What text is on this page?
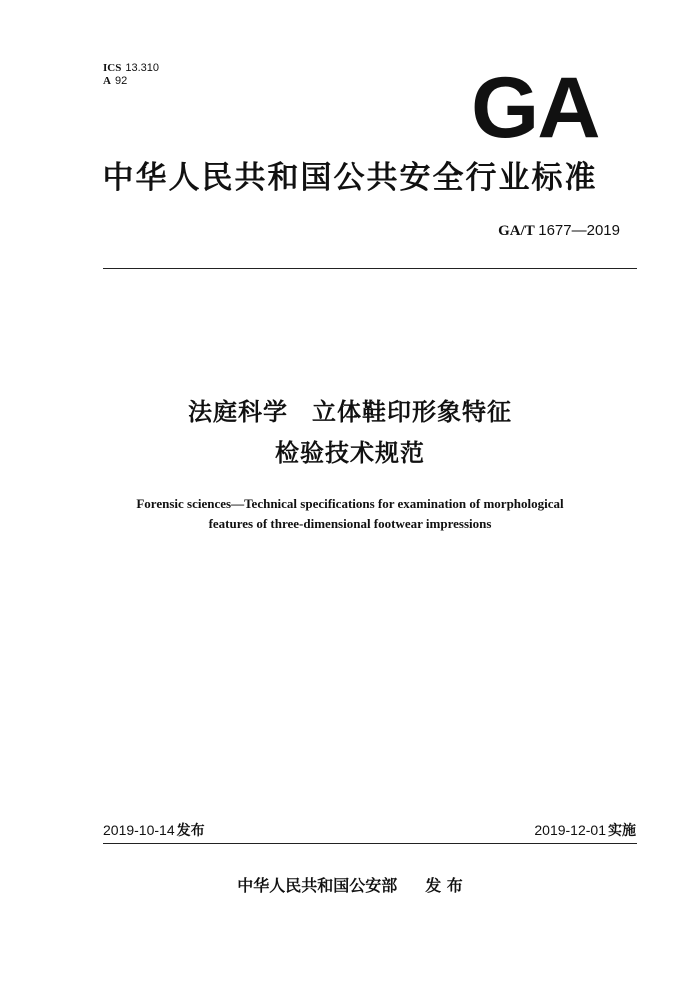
ICS 13.310
A 92	GA
中华人民共和国公共安全行业标准
GA/T 1677—2019
法庭科学 立体鞋印形象特征
检验技术规范
Forensic sciences—Technical specifications for examination of morphological
features of three-dimensional footwear impressions
2019-10-14 发布	2019-12-01 实施
中华人民共和国公安部 发 布
